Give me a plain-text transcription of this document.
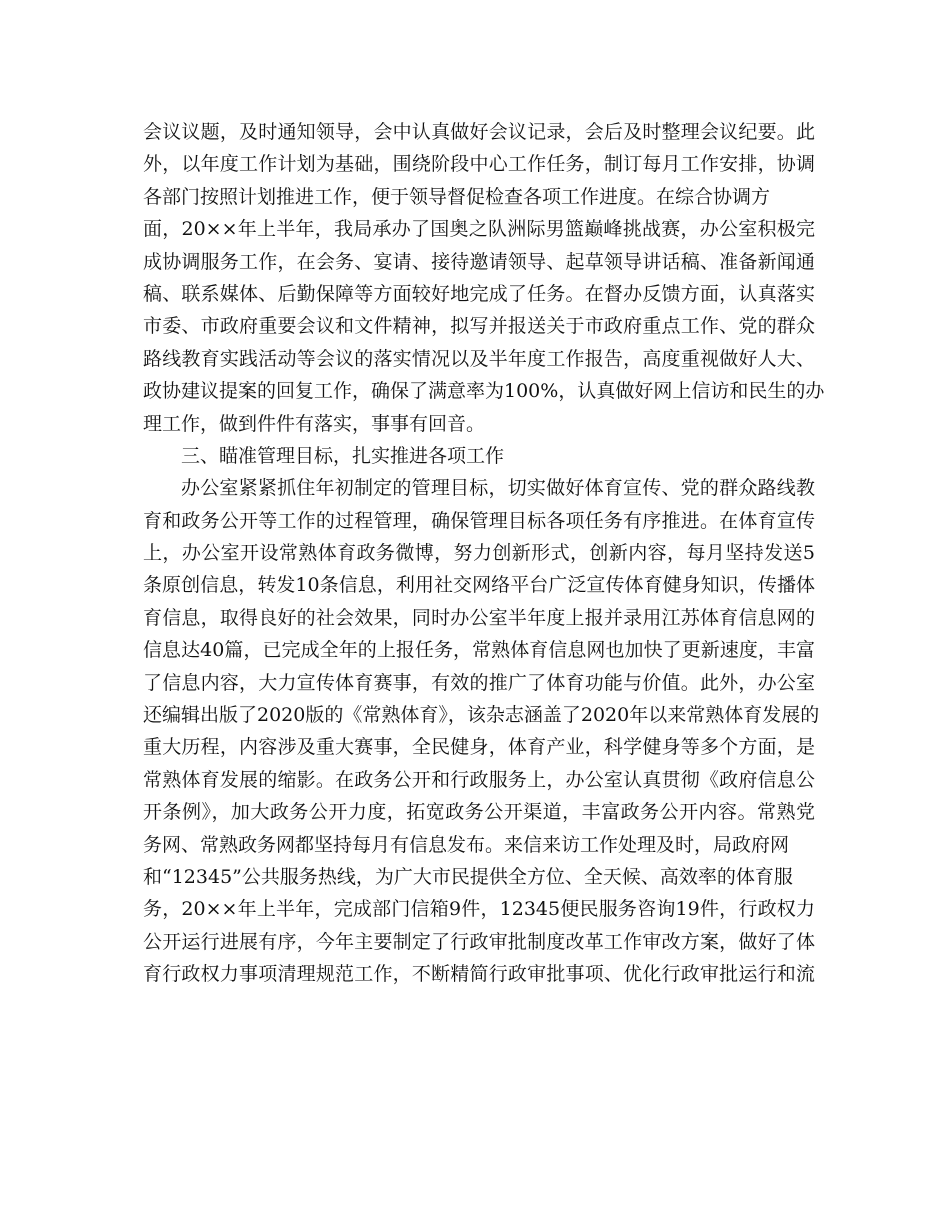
会议议题，及时通知领导，会中认真做好会议记录，会后及时整理会议纪要。此
外，以年度工作计划为基础，围绕阶段中心工作任务，制订每月工作安排，协调
各部门按照计划推进工作，便于领导督促检查各项工作进度。在综合协调方
面，20××年上半年，我局承办了国奥之队洲际男篮巅峰挑战赛，办公室积极完
成协调服务工作，在会务、宴请、接待邀请领导、起草领导讲话稿、准备新闻通
稿、联系媒体、后勤保障等方面较好地完成了任务。在督办反馈方面，认真落实
市委、市政府重要会议和文件精神，拟写并报送关于市政府重点工作、党的群众
路线教育实践活动等会议的落实情况以及半年度工作报告，高度重视做好人大、
政协建议提案的回复工作，确保了满意率为100%，认真做好网上信访和民生的办
理工作，做到件件有落实，事事有回音。
三、瞄准管理目标，扎实推进各项工作
办公室紧紧抓住年初制定的管理目标，切实做好体育宣传、党的群众路线教
育和政务公开等工作的过程管理，确保管理目标各项任务有序推进。在体育宣传
上，办公室开设常熟体育政务微博，努力创新形式，创新内容，每月坚持发送5
条原创信息，转发10条信息，利用社交网络平台广泛宣传体育健身知识，传播体
育信息，取得良好的社会效果，同时办公室半年度上报并录用江苏体育信息网的
信息达40篇，已完成全年的上报任务，常熟体育信息网也加快了更新速度，丰富
了信息内容，大力宣传体育赛事，有效的推广了体育功能与价值。此外，办公室
还编辑出版了2020版的《常熟体育》，该杂志涵盖了2020年以来常熟体育发展的
重大历程，内容涉及重大赛事，全民健身，体育产业，科学健身等多个方面，是
常熟体育发展的缩影。在政务公开和行政服务上，办公室认真贯彻《政府信息公
开条例》，加大政务公开力度，拓宽政务公开渠道，丰富政务公开内容。常熟党
务网、常熟政务网都坚持每月有信息发布。来信来访工作处理及时，局政府网
和“12345”公共服务热线，为广大市民提供全方位、全天候、高效率的体育服
务，20××年上半年，完成部门信箱9件，12345便民服务咨询19件，行政权力
公开运行进展有序，今年主要制定了行政审批制度改革工作审改方案，做好了体
育行政权力事项清理规范工作，不断精简行政审批事项、优化行政审批运行和流
